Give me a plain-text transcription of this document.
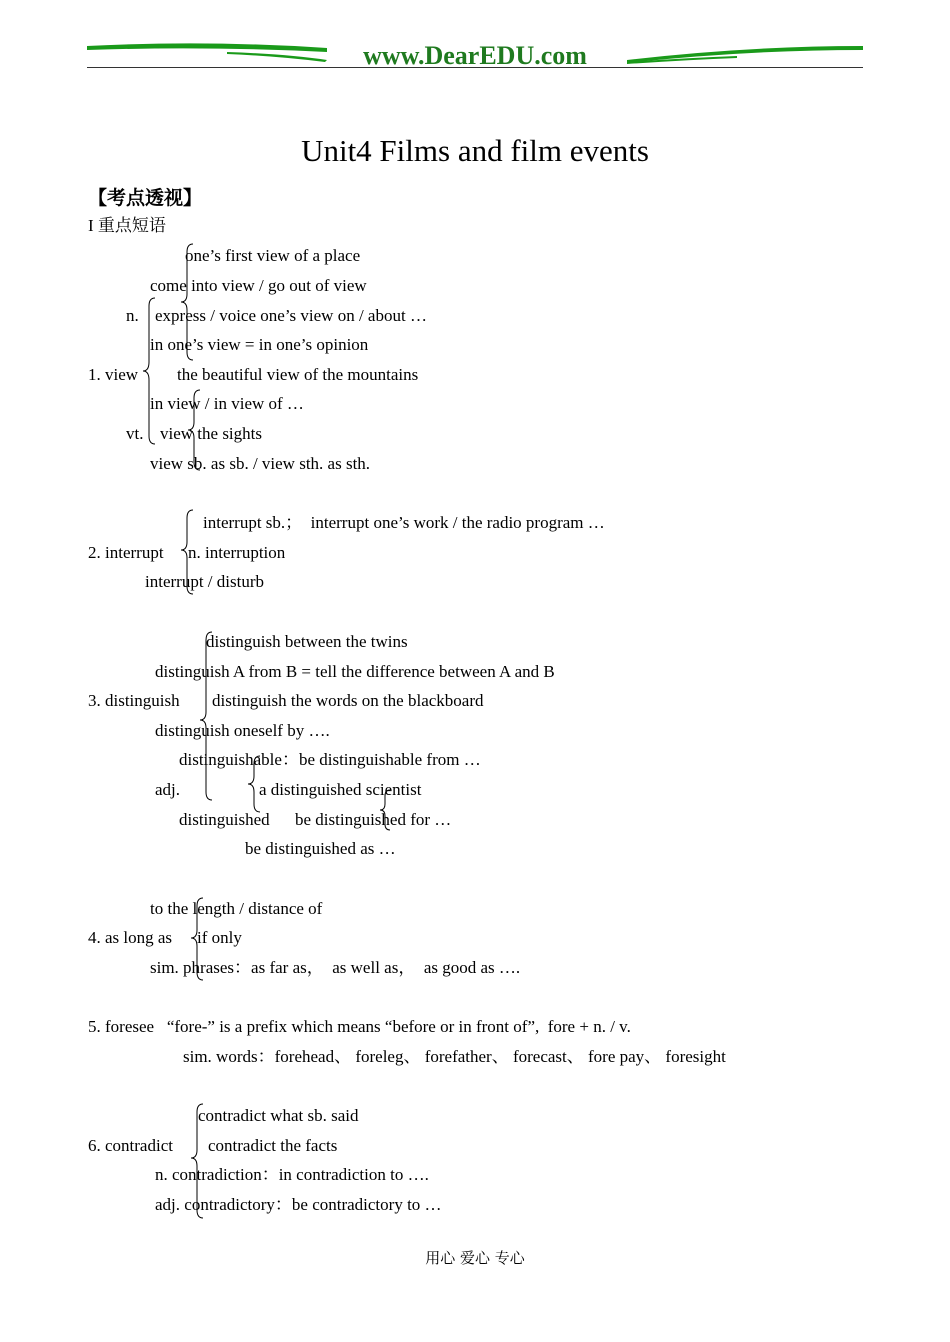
www.DearEDU.com
Unit4 Films and film events
【考点透视】
I 重点短语
one’s first view of a place
come into view / go out of view
n. express / voice one’s view on / about …
in one’s view = in one’s opinion
1. view the beautiful view of the mountains
in view / in view of …
vt. view the sights
view sb. as sb. / view sth. as sth.
interrupt sb.；  interrupt one’s work / the radio program …
2. interrupt n. interruption
interrupt / disturb
distinguish between the twins
distinguish A from B = tell the difference between A and B
3. distinguish distinguish the words on the blackboard
distinguish oneself by ….
distinguishable：be distinguishable from …
adj.	a distinguished scientist
distinguished be distinguished for …
be distinguished as …
to the length / distance of
4. as long as if only
sim. phrases：as far as，  as well as，  as good as ….
5. foresee   “fore-” is a prefix which means “before or in front of”,  fore + n. / v.
sim. words：forehead、 foreleg、 forefather、 forecast、 fore pay、 foresight
contradict what sb. said
6. contradict contradict the facts
n. contradiction：in contradiction to ….
adj. contradictory：be contradictory to …
用心 爱心 专心
